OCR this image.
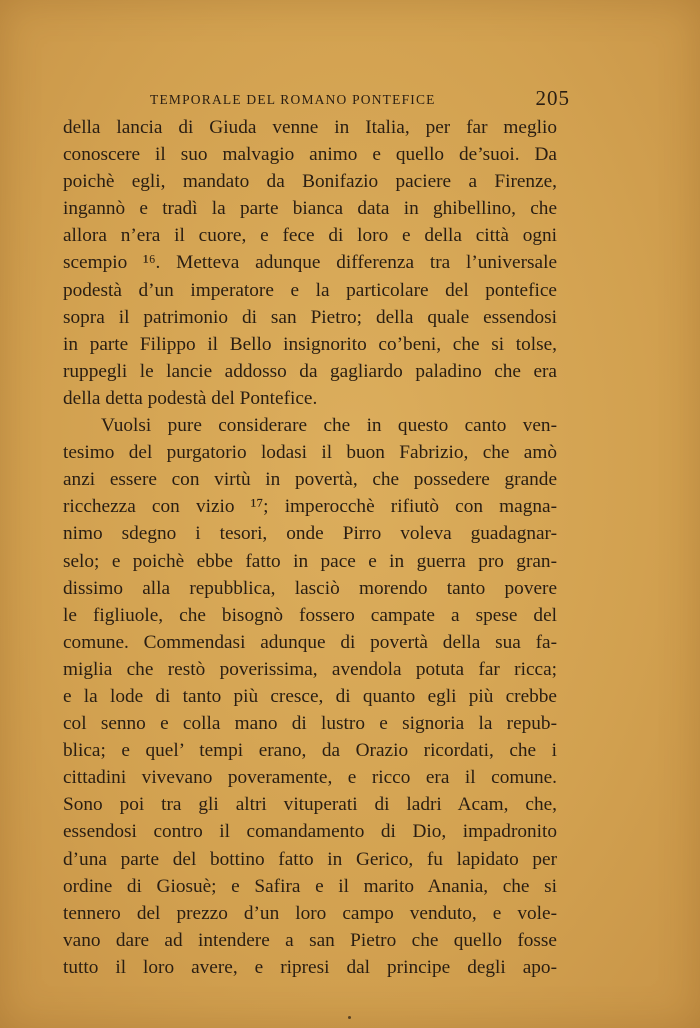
TEMPORALE DEL ROMANO PONTEFICE	205
della lancia di Giuda venne in Italia, per far meglio
conoscere il suo malvagio animo e quello de’suoi. Da
poichè egli, mandato da Bonifazio paciere a Firenze,
ingannò e tradì la parte bianca data in ghibellino, che
allora n’era il cuore, e fece di loro e della città ogni
scempio ¹⁶. Metteva adunque differenza tra l’universale
podestà d’un imperatore e la particolare del pontefice
sopra il patrimonio di san Pietro; della quale essendosi
in parte Filippo il Bello insignorito co’beni, che si tolse,
ruppegli le lancie addosso da gagliardo paladino che era
della detta podestà del Pontefice.
Vuolsi pure considerare che in questo canto ven-
tesimo del purgatorio lodasi il buon Fabrizio, che amò
anzi essere con virtù in povertà, che possedere grande
ricchezza con vizio ¹⁷; imperocchè rifiutò con magna-
nimo sdegno i tesori, onde Pirro voleva guadagnar-
selo; e poichè ebbe fatto in pace e in guerra pro gran-
dissimo alla repubblica, lasciò morendo tanto povere
le figliuole, che bisognò fossero campate a spese del
comune. Commendasi adunque di povertà della sua fa-
miglia che restò poverissima, avendola potuta far ricca;
e la lode di tanto più cresce, di quanto egli più crebbe
col senno e colla mano di lustro e signoria la repub-
blica; e quel’ tempi erano, da Orazio ricordati, che i
cittadini vivevano poveramente, e ricco era il comune.
Sono poi tra gli altri vituperati di ladri Acam, che,
essendosi contro il comandamento di Dio, impadronito
d’una parte del bottino fatto in Gerico, fu lapidato per
ordine di Giosuè; e Safira e il marito Anania, che si
tennero del prezzo d’un loro campo venduto, e vole-
vano dare ad intendere a san Pietro che quello fosse
tutto il loro avere, e ripresi dal principe degli apo-
